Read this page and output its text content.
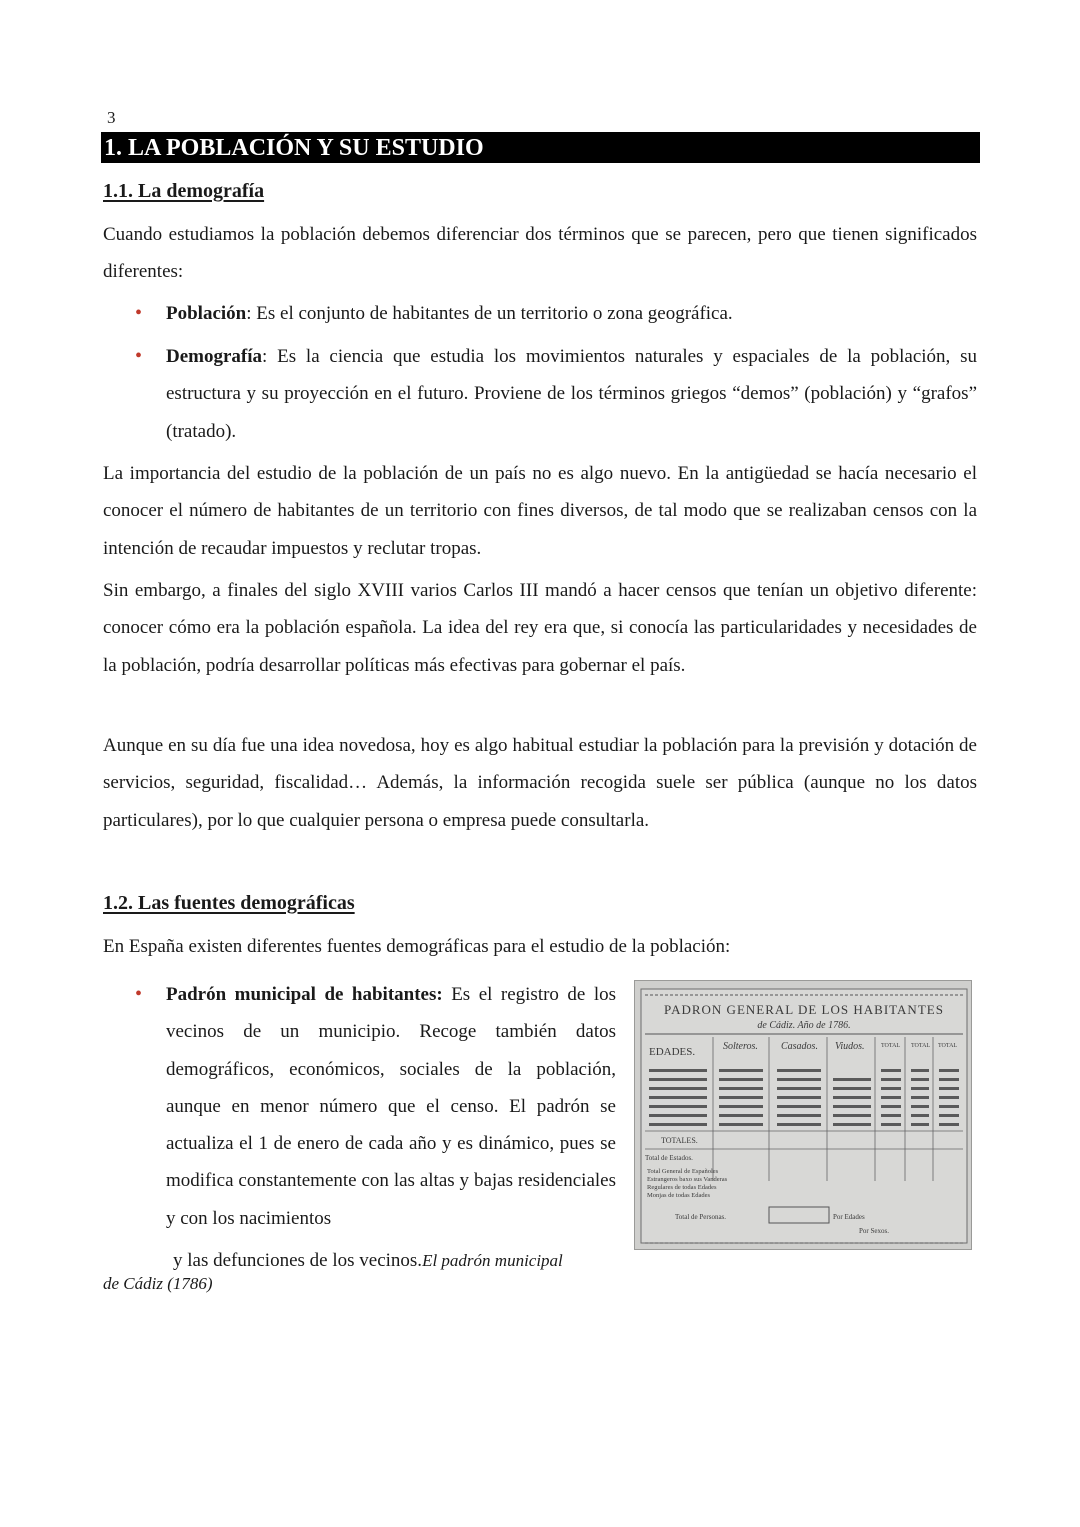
3
1. LA POBLACIÓN Y SU ESTUDIO
1.1. La demografía

Cuando estudiamos la población debemos diferenciar dos términos que se parecen, pero que tienen significados diferentes:

• Población: Es el conjunto de habitantes de un territorio o zona geográfica.

• Demografía: Es la ciencia que estudia los movimientos naturales y espaciales de la población, su estructura y su proyección en el futuro. Proviene de los términos griegos “demos” (población) y “grafos” (tratado).

La importancia del estudio de la población de un país no es algo nuevo. En la antigüedad se hacía necesario el conocer el número de habitantes de un territorio con fines diversos, de tal modo que se realizaban censos con la intención de recaudar impuestos y reclutar tropas.

Sin embargo, a finales del siglo XVIII varios Carlos III mandó a hacer censos que tenían un objetivo diferente: conocer cómo era la población española. La idea del rey era que, si conocía las particularidades y necesidades de la población, podría desarrollar políticas más efectivas para gobernar el país.

Aunque en su día fue una idea novedosa, hoy es algo habitual estudiar la población para la previsión y dotación de servicios, seguridad, fiscalidad… Además, la información recogida suele ser pública (aunque no los datos particulares), por lo que cualquier persona o empresa puede consultarla.

1.2. Las fuentes demográficas

En España existen diferentes fuentes demográficas para el estudio de la población:

• Padrón municipal de habitantes: Es el registro de los vecinos de un municipio. Recoge también datos demográficos, económicos, sociales de la población, aunque en menor número que el censo. El padrón se actualiza el 1 de enero de cada año y es dinámico, pues se modifica constantemente con las altas y bajas residenciales y con los nacimientos

y las defunciones de los vecinos.El padrón municipal
de Cádiz (1786)
PADRON GENERAL DE LOS HABITANTES
de Cádiz. Año de 1786.
EDADES.	Solteros. Casados. Viudos.	TOTAL TOTAL TOTAL
TOTALES.
Total de Estados.
Total General de Españoles
Estrangeros baxo sus Vanderas
Regulares de todas Edades
Monjas de todas Edades
Total de Personas.	Por Edades
Por Sexos.
